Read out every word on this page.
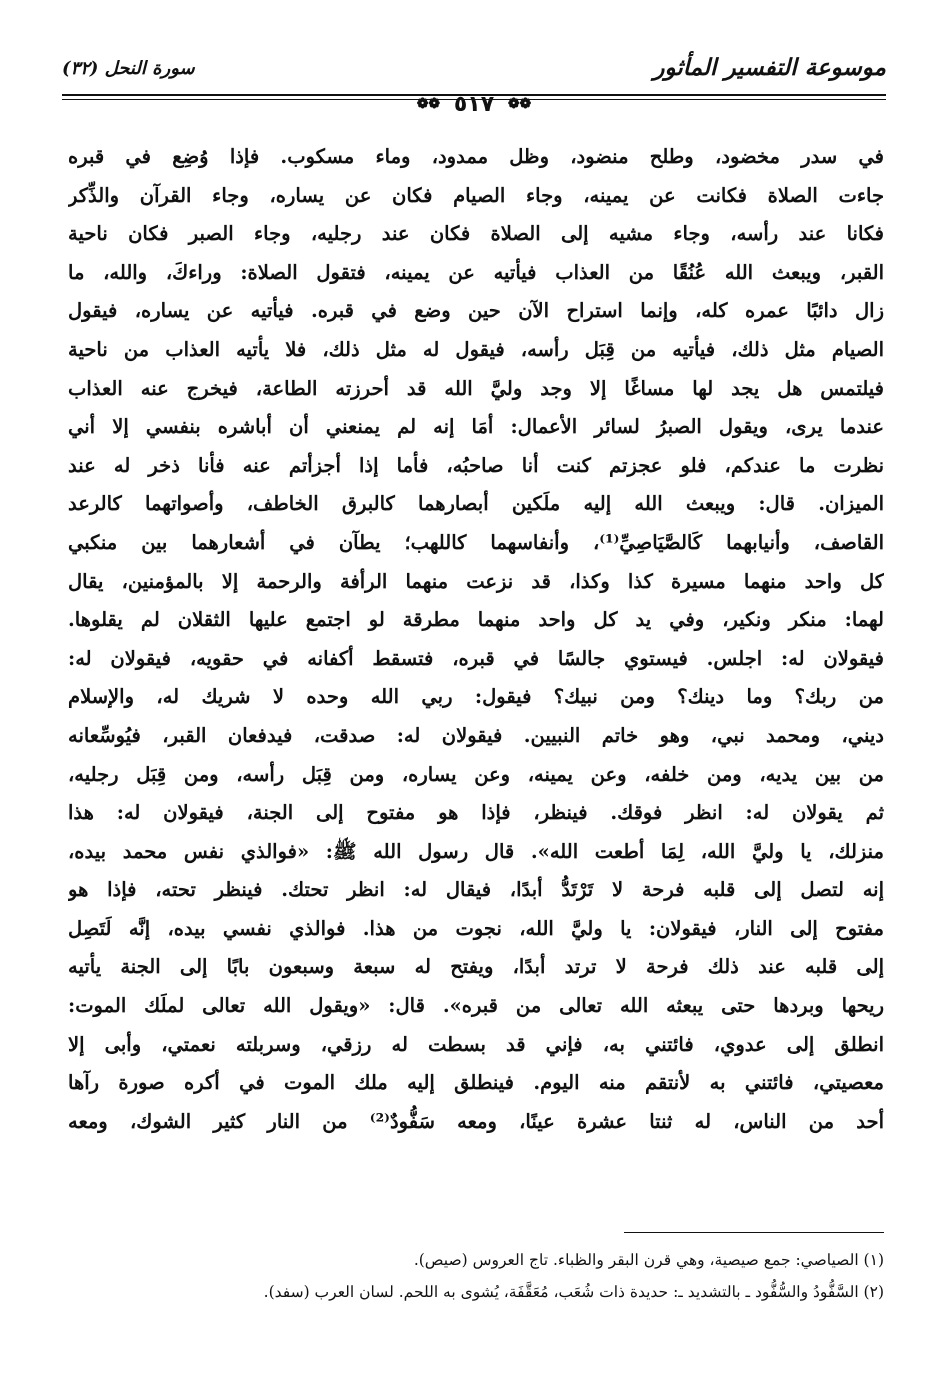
موسوعة التفسير المأثور
سورة النحل (٣٢)
❁❁ ٥١٧ ❁❁
في سدر مخضود، وطلح منضود، وظل ممدود، وماء مسكوب. فإذا وُضِع في قبره
جاءت الصلاة فكانت عن يمينه، وجاء الصيام فكان عن يساره، وجاء القرآن والذِّكر
فكانا عند رأسه، وجاء مشيه إلى الصلاة فكان عند رجليه، وجاء الصبر فكان ناحية
القبر، ويبعث الله عُنُقًا من العذاب فيأتيه عن يمينه، فتقول الصلاة: وراءكَ، والله، ما
زال دائبًا عمره كله، وإنما استراح الآن حين وضع في قبره. فيأتيه عن يساره، فيقول
الصيام مثل ذلك، فيأتيه من قِبَل رأسه، فيقول له مثل ذلك، فلا يأتيه العذاب من ناحية
فيلتمس هل يجد لها مساغًا إلا وجد وليَّ الله قد أحرزته الطاعة، فيخرج عنه العذاب
عندما يرى، ويقول الصبرُ لسائر الأعمال: أمَا إنه لم يمنعني أن أباشره بنفسي إلا أني
نظرت ما عندكم، فلو عجزتم كنت أنا صاحبُه، فأما إذا أجزأتم عنه فأنا ذخر له عند
الميزان. قال: ويبعث الله إليه ملَكين أبصارهما كالبرق الخاطف، وأصواتهما كالرعد
القاصف، وأنيابهما كَالصَّيَاصِيِّ⁽¹⁾، وأنفاسهما كاللهب؛ يطآن في أشعارهما بين منكبي
كل واحد منهما مسيرة كذا وكذا، قد نزعت منهما الرأفة والرحمة إلا بالمؤمنين، يقال
لهما: منكر ونكير، وفي يد كل واحد منهما مطرقة لو اجتمع عليها الثقلان لم يقلوها.
فيقولان له: اجلس. فيستوي جالسًا في قبره، فتسقط أكفانه في حقويه، فيقولان له:
من ربك؟ وما دينك؟ ومن نبيك؟ فيقول: ربي الله وحده لا شريك له، والإسلام
ديني، ومحمد نبي، وهو خاتم النبيين. فيقولان له: صدقت، فيدفعان القبر، فيُوسِّعانه
من بين يديه، ومن خلفه، وعن يمينه، وعن يساره، ومن قِبَل رأسه، ومن قِبَل رجليه،
ثم يقولان له: انظر فوقك. فينظر، فإذا هو مفتوح إلى الجنة، فيقولان له: هذا
منزلك، يا وليَّ الله، لِمَا أطعت الله». قال رسول الله ﷺ: «فوالذي نفس محمد بيده،
إنه لتصل إلى قلبه فرحة لا تَرْتَدُّ أبدًا، فيقال له: انظر تحتك. فينظر تحته، فإذا هو
مفتوح إلى النار، فيقولان: يا وليَّ الله، نجوت من هذا. فوالذي نفسي بيده، إنَّه لَتَصِل
إلى قلبه عند ذلك فرحة لا ترتد أبدًا، ويفتح له سبعة وسبعون بابًا إلى الجنة يأتيه
ريحها وبردها حتى يبعثه الله تعالى من قبره». قال: «ويقول الله تعالى لملَك الموت:
انطلق إلى عدوي، فائتني به، فإني قد بسطت له رزقي، وسربلته نعمتي، وأبى إلا
معصيتي، فائتني به لأنتقم منه اليوم. فينطلق إليه ملك الموت في أكره صورة رآها
أحد من الناس، له ثنتا عشرة عينًا، ومعه سَفُّودٌ⁽²⁾ من النار كثير الشوك، ومعه
(١) الصياصي: جمع صيصية، وهي قرن البقر والظباء. تاج العروس (صيص).
(٢) السَّفُّودُ والسُّفُّود ـ بالتشديد ـ: حديدة ذات شُعَب، مُعَقَّفَة، يُشوى به اللحم. لسان العرب (سفد).
